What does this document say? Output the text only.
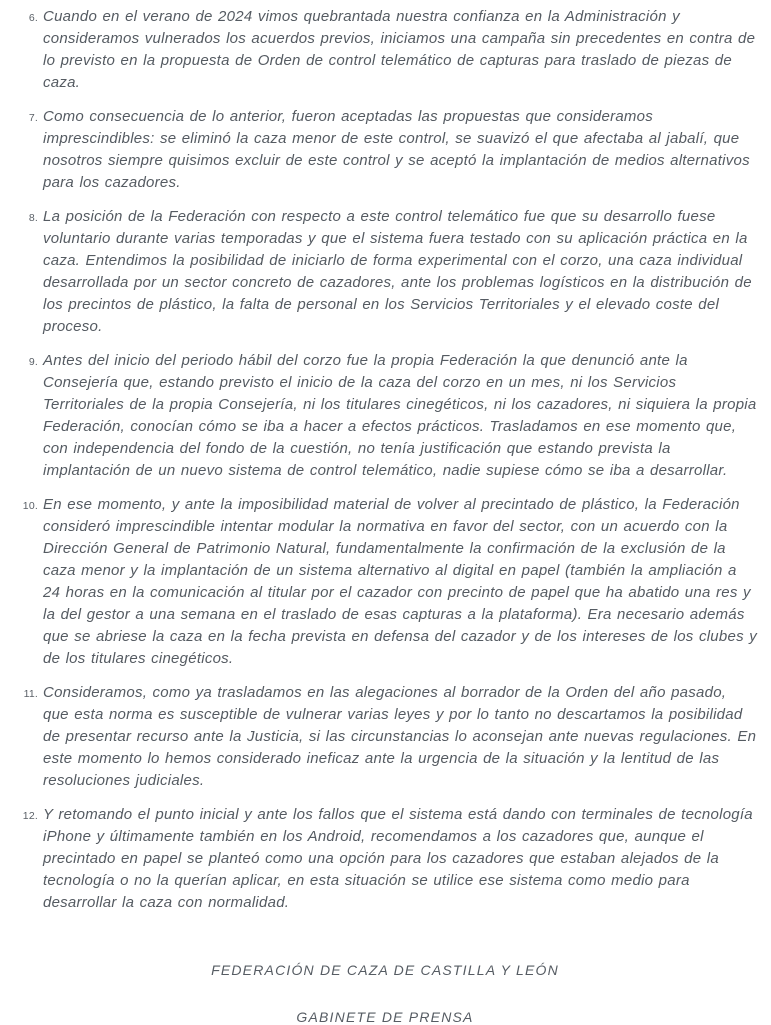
6. Cuando en el verano de 2024 vimos quebrantada nuestra confianza en la Administración y consideramos vulnerados los acuerdos previos, iniciamos una campaña sin precedentes en contra de lo previsto en la propuesta de Orden de control telemático de capturas para traslado de piezas de caza.

7. Como consecuencia de lo anterior, fueron aceptadas las propuestas que consideramos imprescindibles: se eliminó la caza menor de este control, se suavizó el que afectaba al jabalí, que nosotros siempre quisimos excluir de este control y se aceptó la implantación de medios alternativos para los cazadores.

8. La posición de la Federación con respecto a este control telemático fue que su desarrollo fuese voluntario durante varias temporadas y que el sistema fuera testado con su aplicación práctica en la caza. Entendimos la posibilidad de iniciarlo de forma experimental con el corzo, una caza individual desarrollada por un sector concreto de cazadores, ante los problemas logísticos en la distribución de los precintos de plástico, la falta de personal en los Servicios Territoriales y el elevado coste del proceso.

9. Antes del inicio del periodo hábil del corzo fue la propia Federación la que denunció ante la Consejería que, estando previsto el inicio de la caza del corzo en un mes, ni los Servicios Territoriales de la propia Consejería, ni los titulares cinegéticos, ni los cazadores, ni siquiera la propia Federación, conocían cómo se iba a hacer a efectos prácticos. Trasladamos en ese momento que, con independencia del fondo de la cuestión, no tenía justificación que estando prevista la implantación de un nuevo sistema de control telemático, nadie supiese cómo se iba a desarrollar.

10. En ese momento, y ante la imposibilidad material de volver al precintado de plástico, la Federación consideró imprescindible intentar modular la normativa en favor del sector, con un acuerdo con la Dirección General de Patrimonio Natural, fundamentalmente la confirmación de la exclusión de la caza menor y la implantación de un sistema alternativo al digital en papel (también la ampliación a 24 horas en la comunicación al titular por el cazador con precinto de papel que ha abatido una res y la del gestor a una semana en el traslado de esas capturas a la plataforma). Era necesario además que se abriese la caza en la fecha prevista en defensa del cazador y de los intereses de los clubes y de los titulares cinegéticos.

11. Consideramos, como ya trasladamos en las alegaciones al borrador de la Orden del año pasado, que esta norma es susceptible de vulnerar varias leyes y por lo tanto no descartamos la posibilidad de presentar recurso ante la Justicia, si las circunstancias lo aconsejan ante nuevas regulaciones. En este momento lo hemos considerado ineficaz ante la urgencia de la situación y la lentitud de las resoluciones judiciales.

12. Y retomando el punto inicial y ante los fallos que el sistema está dando con terminales de tecnología iPhone y últimamente también en los Android, recomendamos a los cazadores que, aunque el precintado en papel se planteó como una opción para los cazadores que estaban alejados de la tecnología o no la querían aplicar, en esta situación se utilice ese sistema como medio para desarrollar la caza con normalidad.

FEDERACIÓN DE CAZA DE CASTILLA Y LEÓN

GABINETE DE PRENSA
